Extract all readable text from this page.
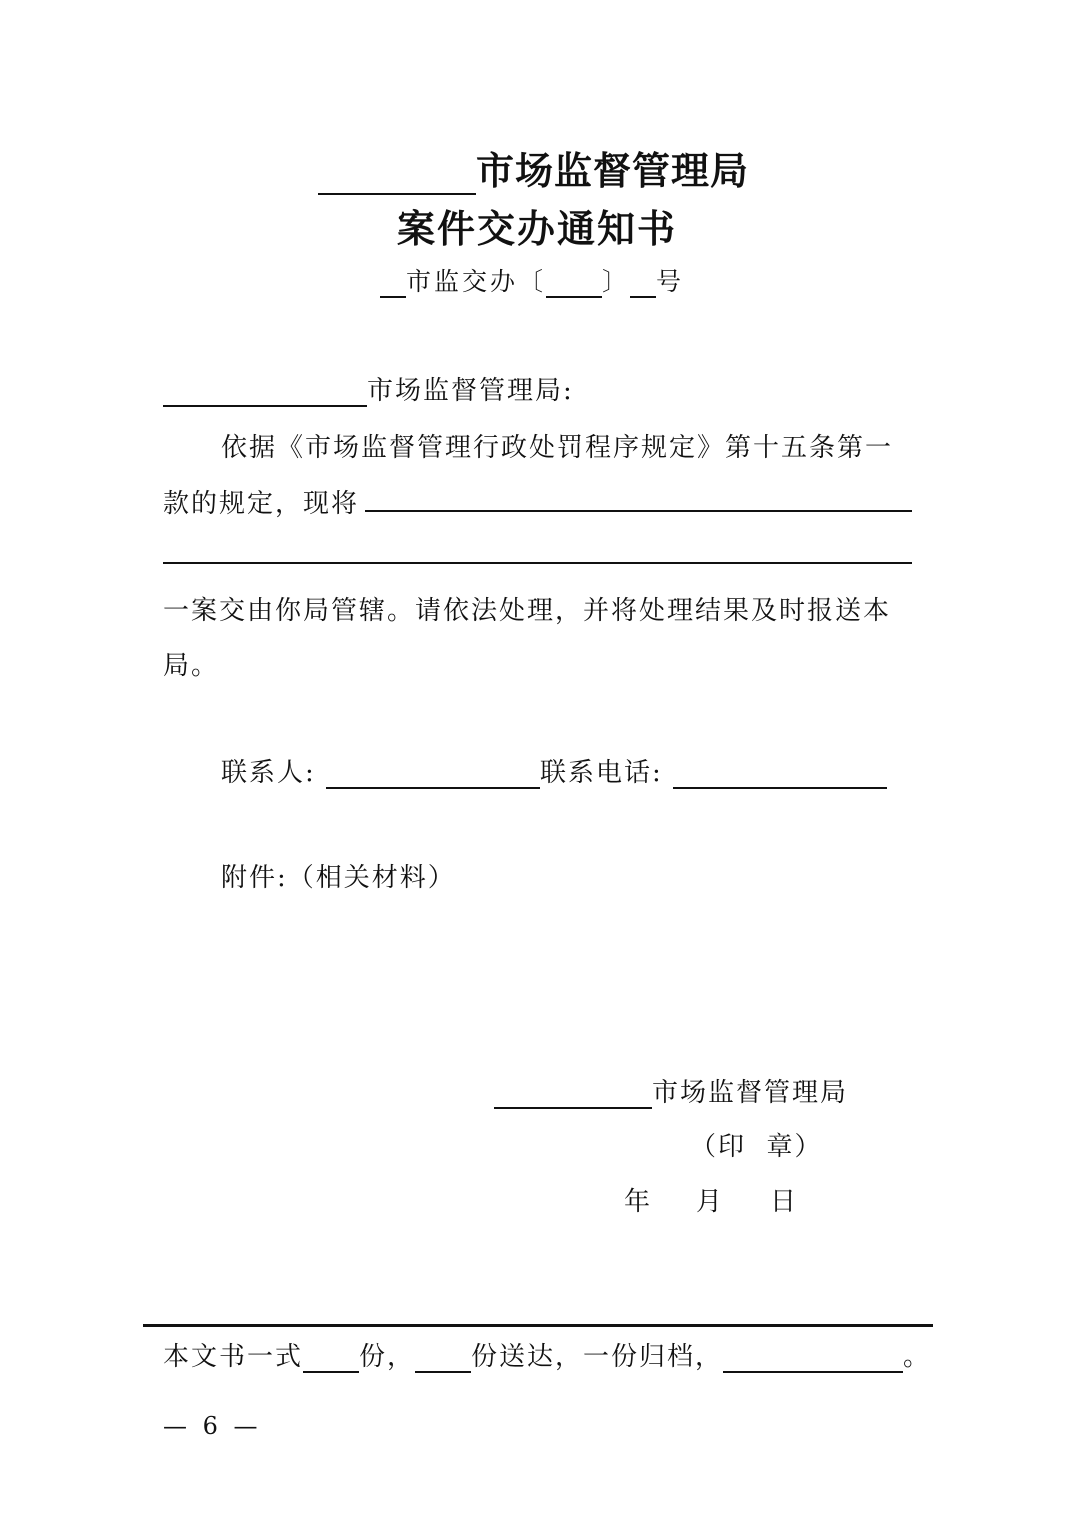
市场监督管理局
案件交办通知书
市监交办〔 〕 号
市场监督管理局:
依据《市场监督管理行政处罚程序规定》第十五条第一
款的规定，现将
一案交由你局管辖。请依法处理，并将处理结果及时报送本
局。
联系人:	联系电话:
附件:（相关材料）
市场监督管理局
（印  章）
年 月 日
本文书一式 份， 份送达，一份归档，	。
— 6 —
